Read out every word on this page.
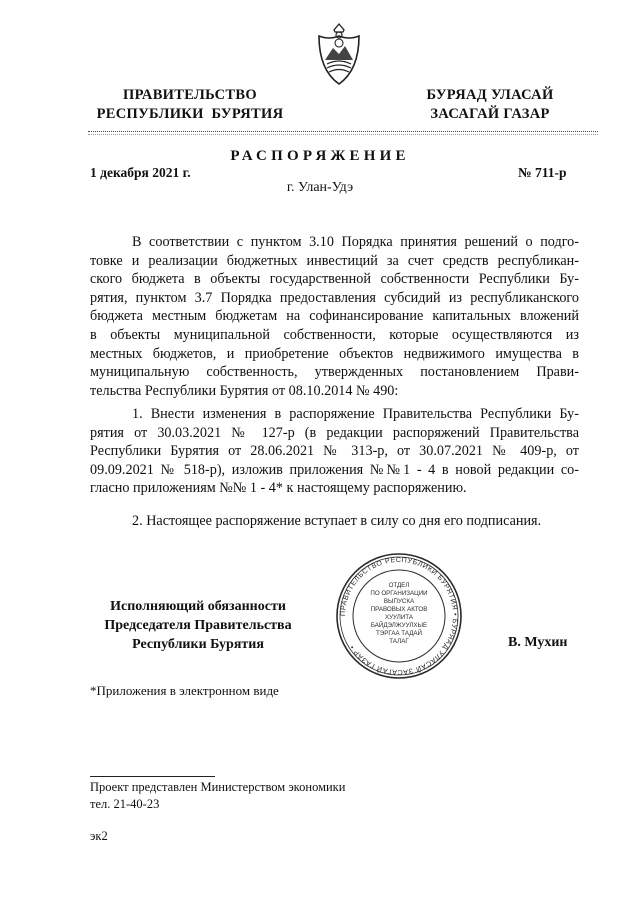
ПРАВИТЕЛЬСТВО
РЕСПУБЛИКИ  БУРЯТИЯ
БУРЯАД УЛАСАЙ
ЗАСАГАЙ ГАЗАР
РАСПОРЯЖЕНИЕ
1 декабря 2021 г.	№ 711-р
г. Улан-Удэ
В соответствии с пунктом 3.10 Порядка принятия решений о подго-
товке и реализации бюджетных инвестиций за счет средств республикан-
ского бюджета в объекты государственной собственности Республики Бу-
рятия, пунктом 3.7 Порядка предоставления субсидий из республиканского
бюджета местным бюджетам на софинансирование капитальных вложений
в объекты муниципальной собственности, которые осуществляются из
местных бюджетов, и приобретение объектов недвижимого имущества в
муниципальную собственность, утвержденных постановлением Прави-
тельства Республики Бурятия от 08.10.2014 № 490:
1. Внести изменения в распоряжение Правительства Республики Бу-
рятия от 30.03.2021 № 127-р (в редакции распоряжений Правительства
Республики Бурятия от 28.06.2021 № 313-р, от 30.07.2021 № 409-р, от
09.09.2021 № 518-р), изложив приложения №№1 - 4 в новой редакции со-
гласно приложениям №№ 1 - 4* к настоящему распоряжению.
2. Настоящее распоряжение вступает в силу со дня его подписания.
ПРАВИТЕЛЬСТВО РЕСПУБЛИКИ БУРЯТИЯ • БУРЯАД УЛАСАЙ ЗАСАГАЙ ГАЗАР •
ОТДЕЛ
ПО ОРГАНИЗАЦИИ
ВЫПУСКА
ПРАВОВЫХ АКТОВ
ХУУЛИТА
БАЙДЭЛЖУУЛХЫЕ
ТЭРГАА ТАДАЙ
ТАЛАГ
Исполняющий обязанности
Председателя Правительства
Республики Бурятия	В. Мухин
*Приложения в электронном виде
Проект представлен Министерством экономики
тел. 21-40-23
эк2
